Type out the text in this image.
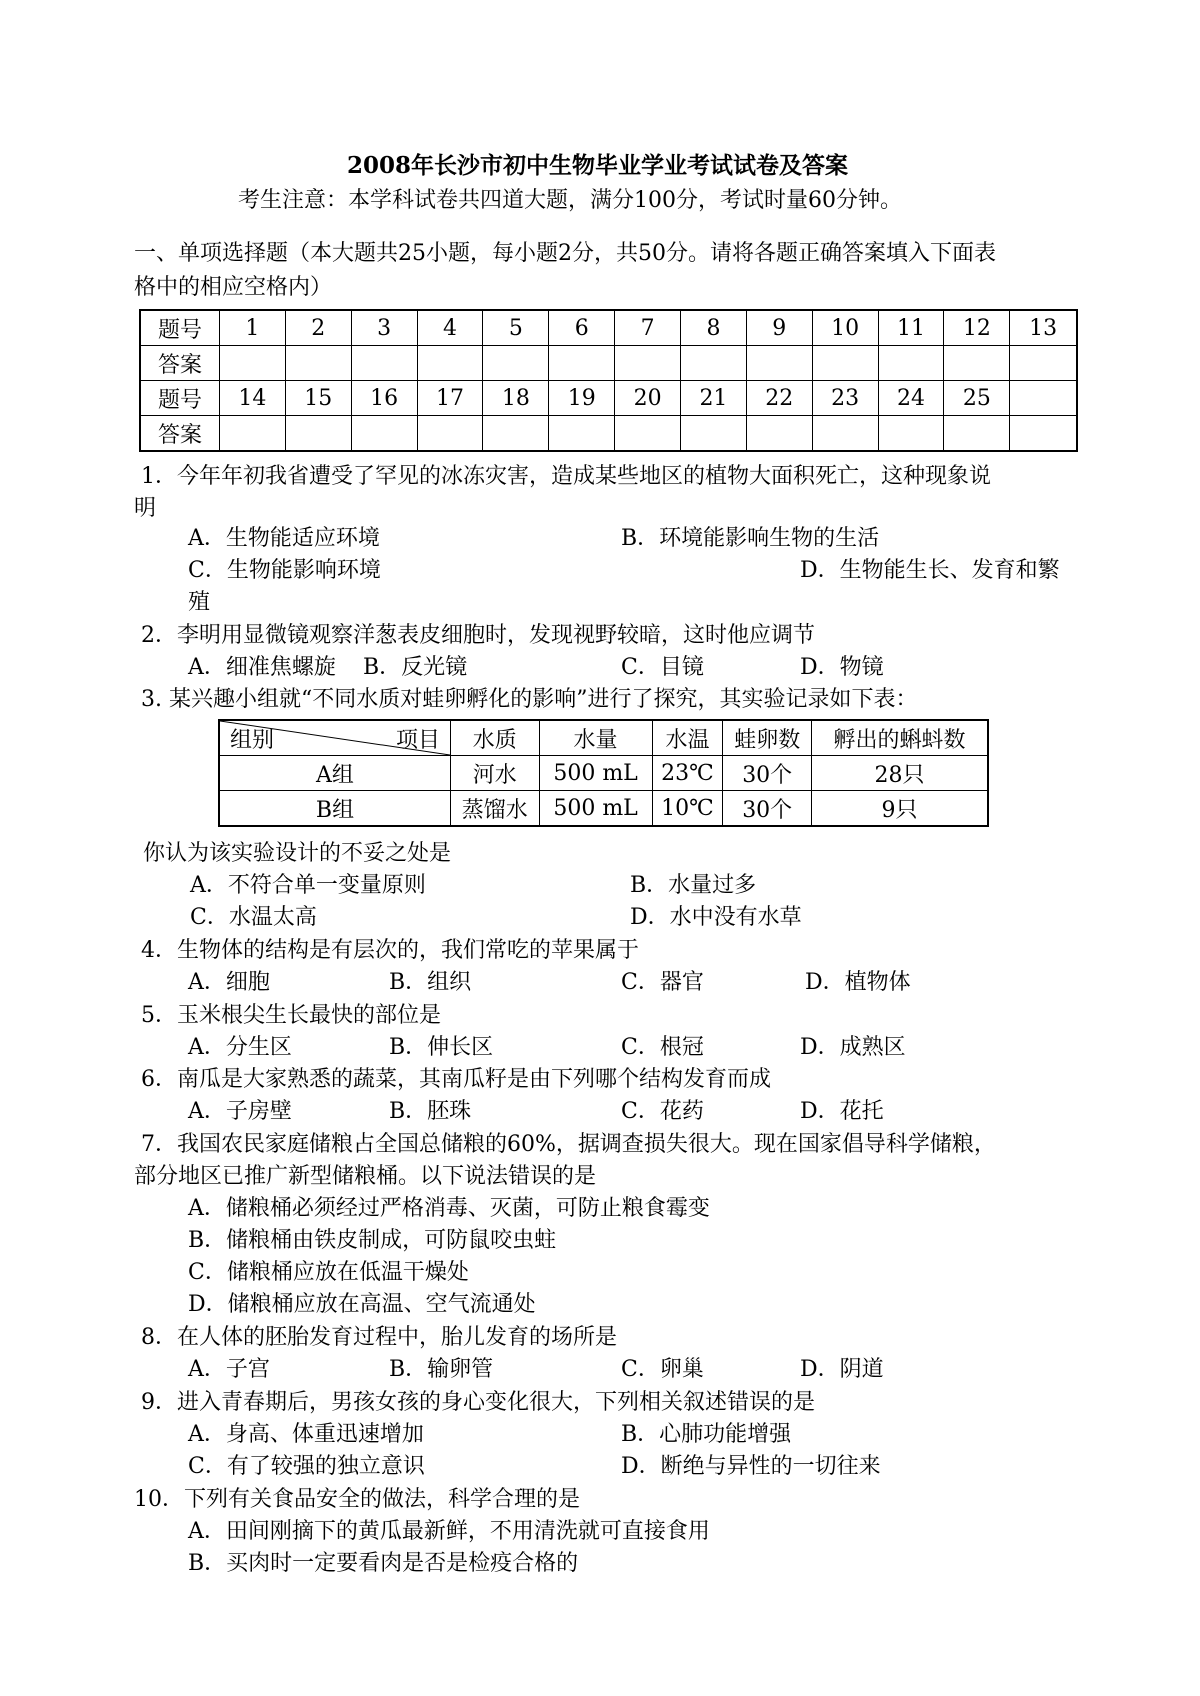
2008年长沙市初中生物毕业学业考试试卷及答案
考生注意：本学科试卷共四道大题，满分100分，考试时量60分钟。
一、单项选择题（本大题共25小题，每小题2分，共50分。请将各题正确答案填入下面表
格中的相应空格内）
题号	1	2	3	4	5	6	7	8	9	10	11	12	13
答案													
题号	14	15	16	17	18	19	20	21	22	23	24	25	
答案													
1．今年年初我省遭受了罕见的冰冻灾害，造成某些地区的植物大面积死亡，这种现象说
明
A．生物能适应环境	B．环境能影响生物的生活
C．生物能影响环境	D．生物能生长、发育和繁
殖
2．李明用显微镜观察洋葱表皮细胞时，发现视野较暗，这时他应调节
A．细准焦螺旋 B．反光镜	C．目镜	D．物镜
3. 某兴趣小组就“不同水质对蛙卵孵化的影响”进行了探究，其实验记录如下表：
组别 项目	水质	水量	水温	蛙卵数	孵出的蝌蚪数
A组	河水	500 mL	23℃	30个	28只
B组	蒸馏水	500 mL	10℃	30个	9只
你认为该实验设计的不妥之处是
A．不符合单一变量原则	B．水量过多
C．水温太高	D．水中没有水草
4．生物体的结构是有层次的，我们常吃的苹果属于
A．细胞	B．组织	C．器官	D．植物体
5．玉米根尖生长最快的部位是
A．分生区	B．伸长区	C．根冠	D．成熟区
6．南瓜是大家熟悉的蔬菜，其南瓜籽是由下列哪个结构发育而成
A．子房壁	B．胚珠	C．花药	D．花托
7．我国农民家庭储粮占全国总储粮的60%，据调查损失很大。现在国家倡导科学储粮，
部分地区已推广新型储粮桶。以下说法错误的是
A．储粮桶必须经过严格消毒、灭菌，可防止粮食霉变
B．储粮桶由铁皮制成，可防鼠咬虫蛀
C．储粮桶应放在低温干燥处
D．储粮桶应放在高温、空气流通处
8．在人体的胚胎发育过程中，胎儿发育的场所是
A．子宫	B．输卵管	C．卵巢	D．阴道
9．进入青春期后，男孩女孩的身心变化很大，下列相关叙述错误的是
A．身高、体重迅速增加	B．心肺功能增强
C．有了较强的独立意识	D．断绝与异性的一切往来
10．下列有关食品安全的做法，科学合理的是
A．田间刚摘下的黄瓜最新鲜，不用清洗就可直接食用
B．买肉时一定要看肉是否是检疫合格的
